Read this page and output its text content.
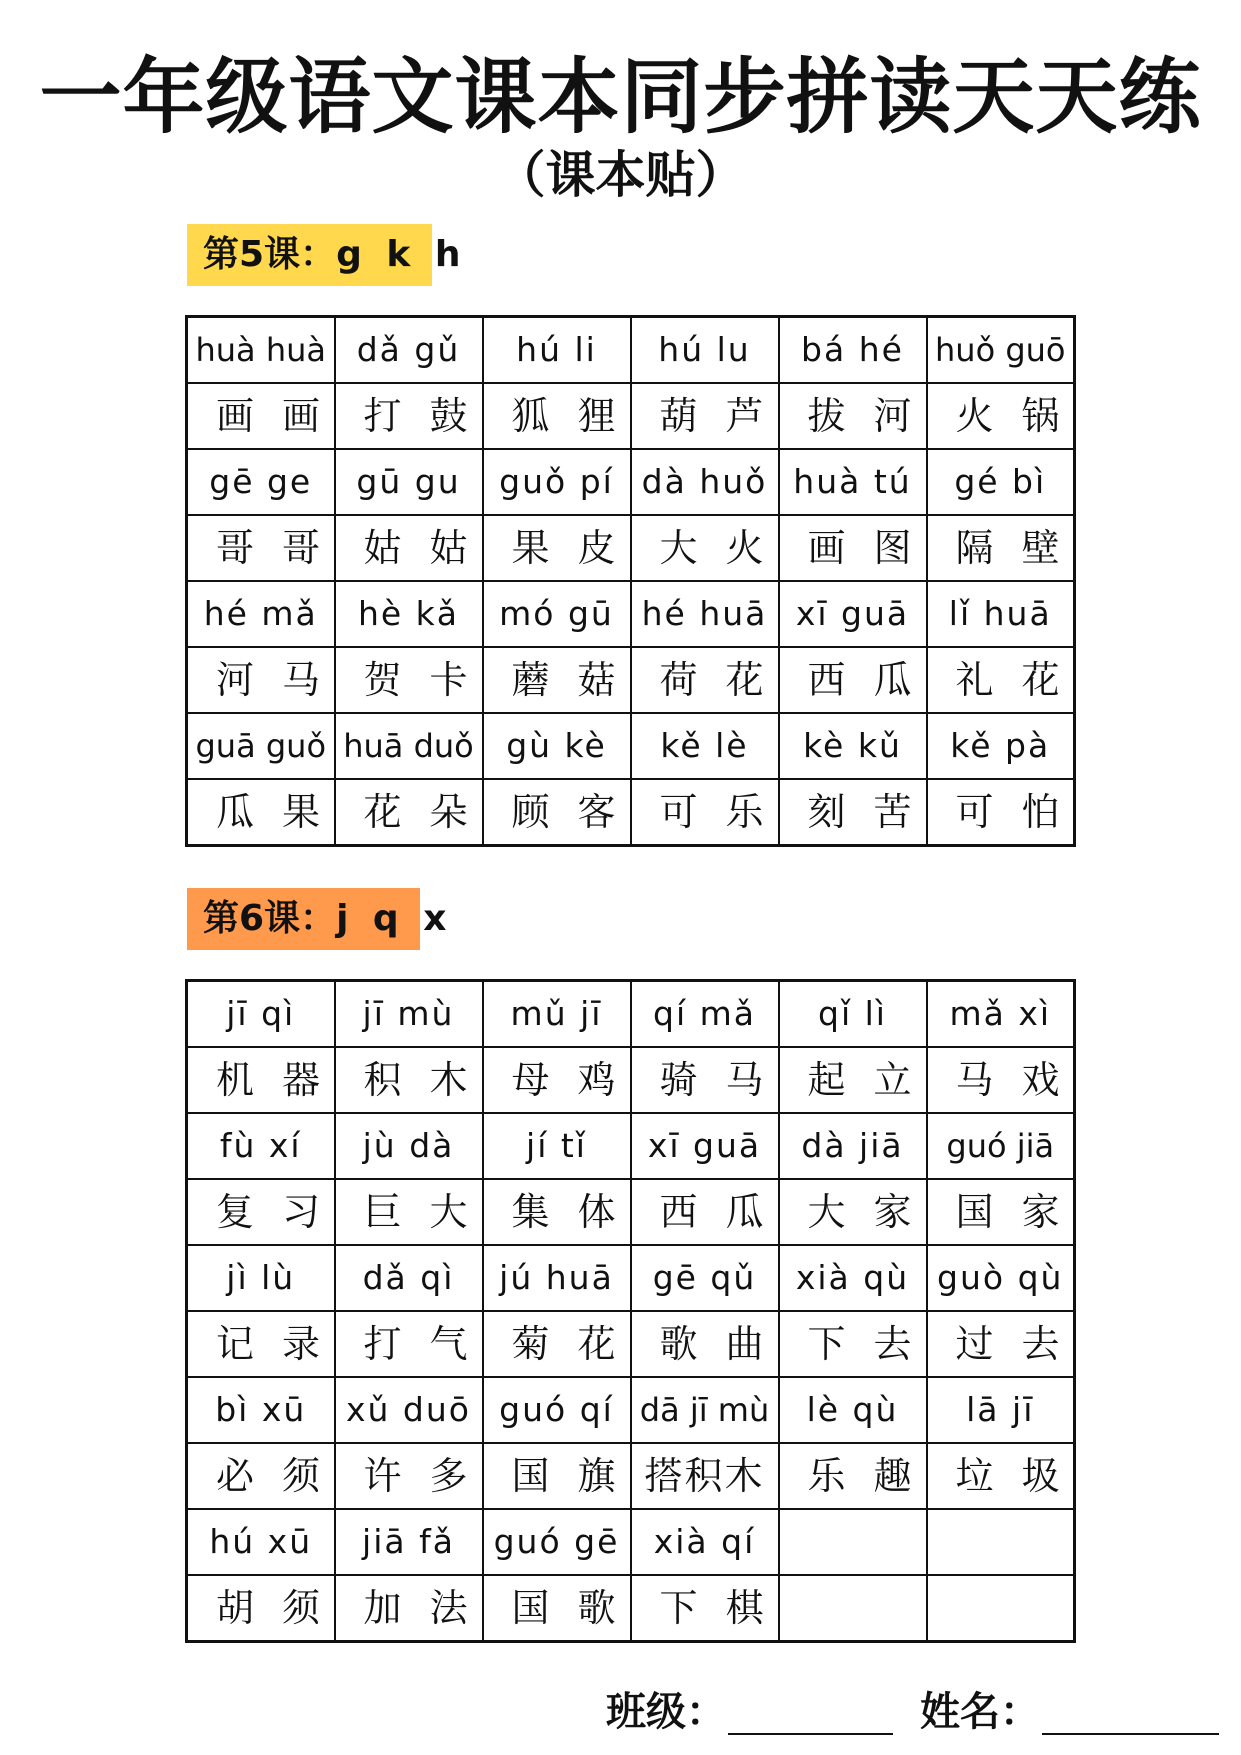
一年级语文课本同步拼读天天练
（课本贴）
第5课：g k h
huà huà	dǎ gǔ	hú li	hú lu	bá hé	huǒ guō
画画	打鼓	狐狸	葫芦	拔河	火锅
gē ge	gū gu	guǒ pí	dà huǒ	huà tú	gé bì
哥哥	姑姑	果皮	大火	画图	隔壁
hé mǎ	hè kǎ	mó gū	hé huā	xī guā	lǐ huā
河马	贺卡	蘑菇	荷花	西瓜	礼花
guā guǒ	huā duǒ	gù kè	kě lè	kè kǔ	kě pà
瓜果	花朵	顾客	可乐	刻苦	可怕
第6课：j q x
jī qì	jī mù	mǔ jī	qí mǎ	qǐ lì	mǎ xì
机器	积木	母鸡	骑马	起立	马戏
fù xí	jù dà	jí tǐ	xī guā	dà jiā	guó jiā
复习	巨大	集体	西瓜	大家	国家
jì lù	dǎ qì	jú huā	gē qǔ	xià qù	guò qù
记录	打气	菊花	歌曲	下去	过去
bì xū	xǔ duō	guó qí	dā jī mù	lè qù	lā jī
必须	许多	国旗	搭积木	乐趣	垃圾
hú xū	jiā fǎ	guó gē	xià qí		
胡须	加法	国歌	下棋		
班级：	姓名：
